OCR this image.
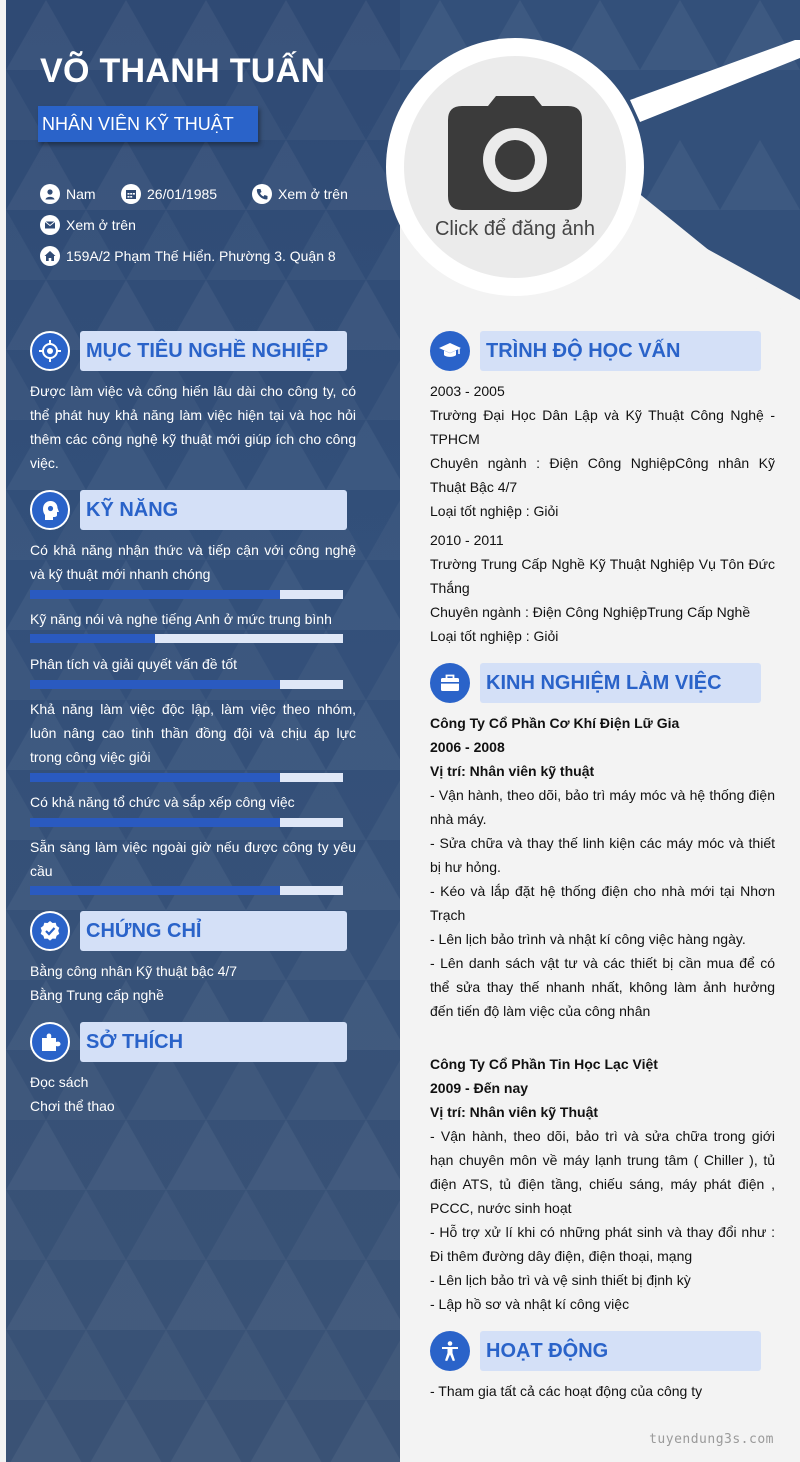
VÕ THANH TUẤN
NHÂN VIÊN KỸ THUẬT
Nam	26/01/1985	Xem ở trên
Xem ở trên
159A/2 Phạm Thế Hiển. Phường 3. Quận 8
Click để đăng ảnh
MỤC TIÊU NGHỀ NGHIỆP
Được làm việc và cống hiến lâu dài cho công ty, có thể phát huy khả năng làm việc hiện tại và học hỏi thêm các công nghệ kỹ thuật mới giúp ích cho công việc.
KỸ NĂNG
Có khả năng nhận thức và tiếp cận với công nghệ và kỹ thuật mới nhanh chóng
Kỹ năng nói và nghe tiếng Anh ở mức trung bình
Phân tích và giải quyết vấn đề tốt
Khả năng làm việc độc lập, làm việc theo nhóm, luôn nâng cao tinh thần đồng đội và chịu áp lực trong công việc giỏi
Có khả năng tổ chức và sắp xếp công việc
Sẵn sàng làm việc ngoài giờ nếu được công ty yêu cầu
CHỨNG CHỈ
Bằng công nhân Kỹ thuật bậc 4/7
Bằng Trung cấp nghề
SỞ THÍCH
Đọc sách
Chơi thể thao
TRÌNH ĐỘ HỌC VẤN
2003 - 2005
Trường Đại Học Dân Lập và Kỹ Thuật Công Nghệ - TPHCM
Chuyên ngành : Điện Công NghiệpCông nhân Kỹ Thuật Bậc 4/7
Loại tốt nghiệp : Giỏi
2010 - 2011
Trường Trung Cấp Nghề Kỹ Thuật Nghiệp Vụ Tôn Đức Thắng
Chuyên ngành : Điện Công NghiệpTrung Cấp Nghề
Loại tốt nghiệp : Giỏi
KINH NGHIỆM LÀM VIỆC
Công Ty Cổ Phần Cơ Khí Điện Lữ Gia
2006 - 2008
Vị trí: Nhân viên kỹ thuật
- Vận hành, theo dõi, bảo trì máy móc và hệ thống điện nhà máy.
- Sửa chữa và thay thế linh kiện các máy móc và thiết bị hư hỏng.
- Kéo và lắp đặt hệ thống điện cho nhà mới tại Nhơn Trạch
- Lên lịch bảo trình và nhật kí công việc hàng ngày.
- Lên danh sách vật tư và các thiết bị cần mua để có thể sửa thay thế nhanh nhất, không làm ảnh hưởng đến tiến độ làm việc của công nhân
Công Ty Cổ Phần Tin Học Lạc Việt
2009 - Đến nay
Vị trí: Nhân viên kỹ Thuật
- Vận hành, theo dõi, bảo trì và sửa chữa trong giới hạn chuyên môn về máy lạnh trung tâm ( Chiller ), tủ điện ATS, tủ điện tầng, chiếu sáng, máy phát điện , PCCC, nước sinh hoạt
- Hỗ trợ xử lí khi có những phát sinh và thay đổi như : Đi thêm đường dây điện, điện thoại, mạng
- Lên lịch bảo trì và vệ sinh thiết bị định kỳ
- Lập hồ sơ và nhật kí công việc
HOẠT ĐỘNG
- Tham gia tất cả các hoạt động của công ty
tuyendung3s.com
